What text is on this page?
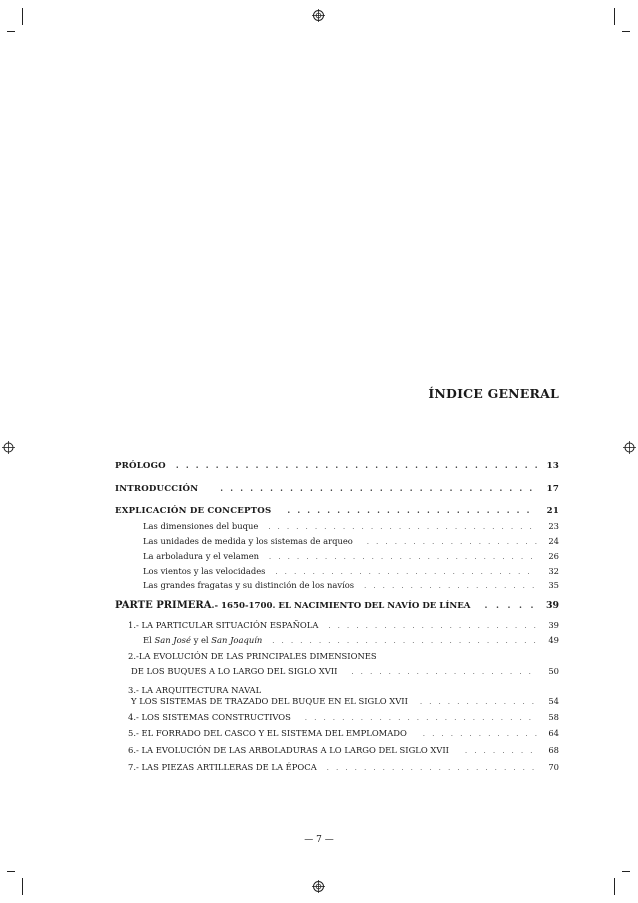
ÍNDICE GENERAL
PRÓLOGO . . .	13
INTRODUCCIÓN . . .	17
EXPLICACIÓN DE CONCEPTOS . . .	21
Las dimensiones del buque . . .	23
Las unidades de medida y los sistemas de arqueo . . .	24
La arboladura y el velamen . . .	26
Los vientos y las velocidades . . .	32
Las grandes fragatas y su distinción de los navíos . . .	35
PARTE PRIMERA.- 1650-1700. EL NACIMIENTO DEL NAVÍO DE LÍNEA . . .	39
1.- LA PARTICULAR SITUACIÓN ESPAÑOLA . . .	39
El San José y el San Joaquín . . .	49
2.-LA EVOLUCIÓN DE LAS PRINCIPALES DIMENSIONES
DE LOS BUQUES A LO LARGO DEL SIGLO XVII . . .	50
3.- LA ARQUITECTURA NAVAL
Y LOS SISTEMAS DE TRAZADO DEL BUQUE EN EL SIGLO XVII . . .	54
4.- LOS SISTEMAS CONSTRUCTIVOS . . .	58
5.- EL FORRADO DEL CASCO Y EL SISTEMA DEL EMPLOMADO . . .	64
6.- LA EVOLUCIÓN DE LAS ARBOLADURAS A LO LARGO DEL SIGLO XVII . . .	68
7.- LAS PIEZAS ARTILLERAS DE LA ÉPOCA . . .	70
— 7 —
